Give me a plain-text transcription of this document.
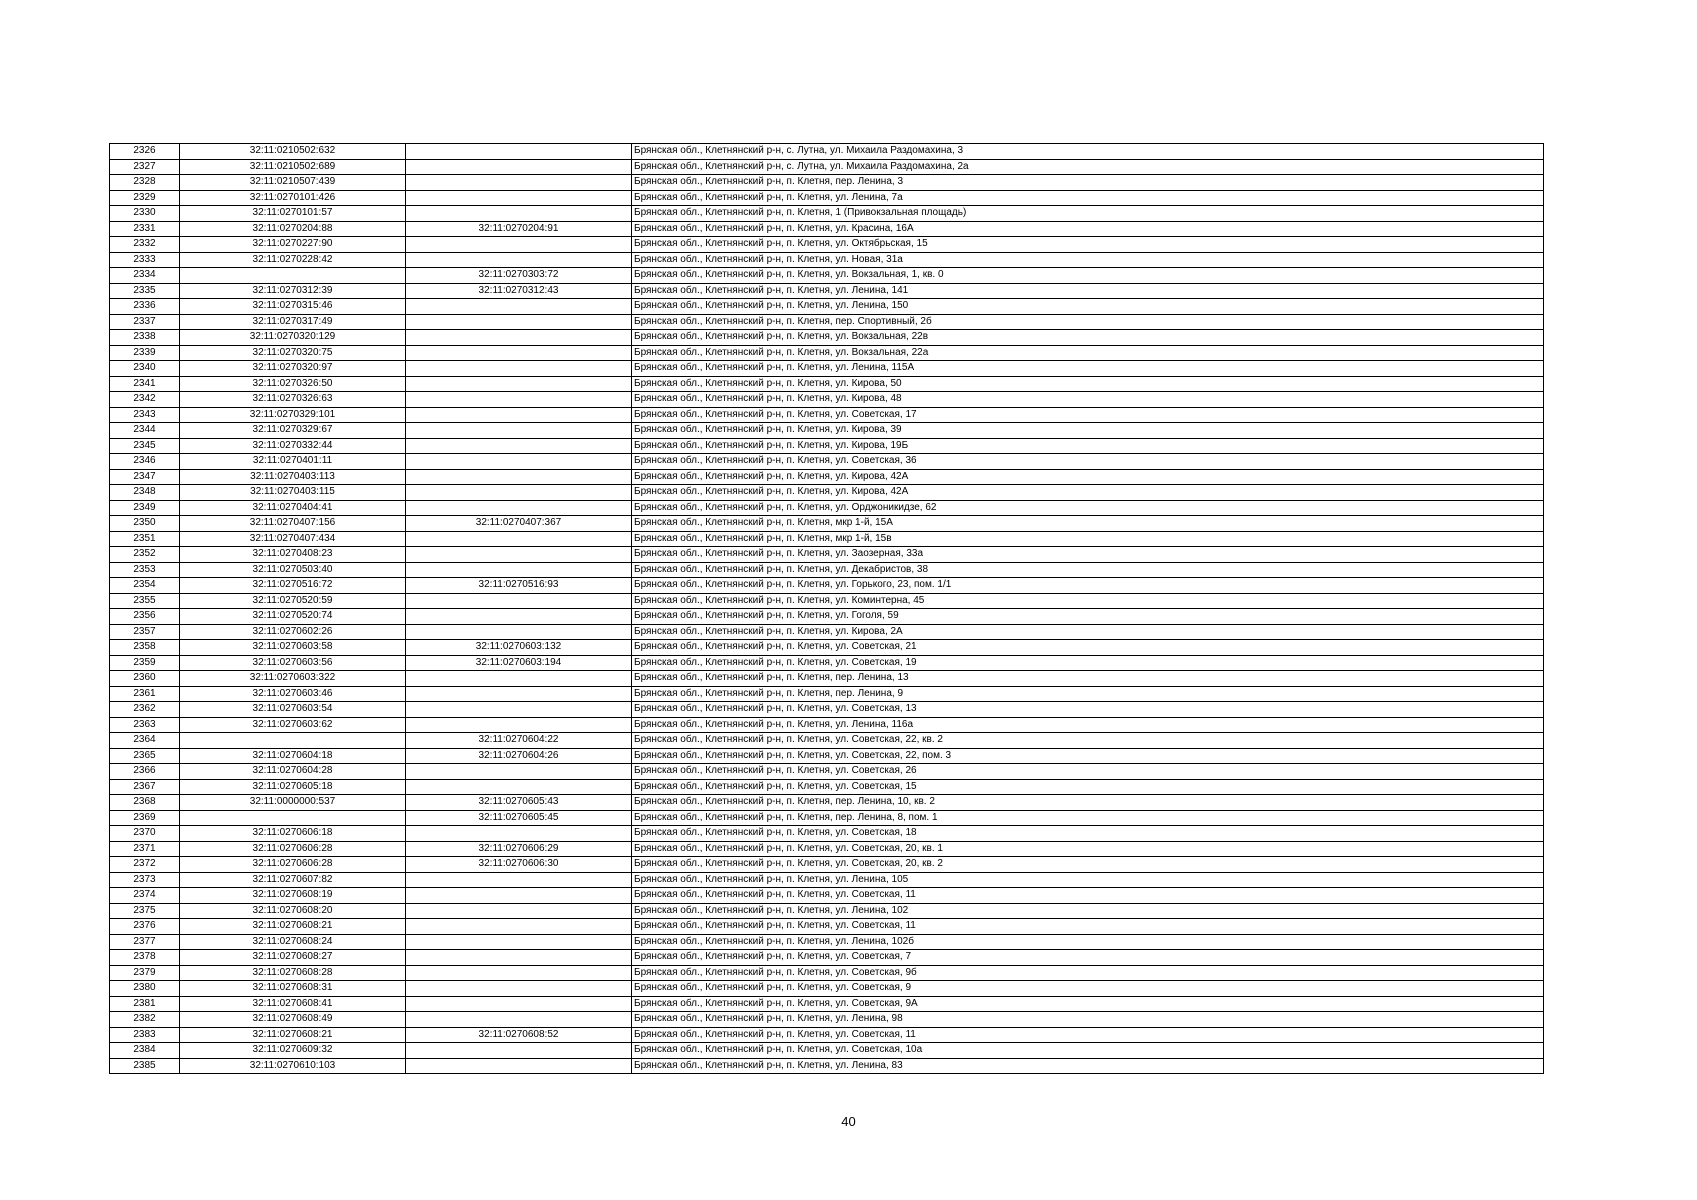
2326	32:11:0210502:632		Брянская обл., Клетнянский р-н, с. Лутна, ул. Михаила Раздомахина, 3
2327	32:11:0210502:689		Брянская обл., Клетнянский р-н, с. Лутна, ул. Михаила Раздомахина, 2а
2328	32:11:0210507:439		Брянская обл., Клетнянский р-н, п. Клетня, пер. Ленина, 3
2329	32:11:0270101:426		Брянская обл., Клетнянский р-н, п. Клетня, ул. Ленина, 7а
2330	32:11:0270101:57		Брянская обл., Клетнянский р-н, п. Клетня, 1 (Привокзальная площадь)
2331	32:11:0270204:88	32:11:0270204:91	Брянская обл., Клетнянский р-н, п. Клетня, ул. Красина, 16А
2332	32:11:0270227:90		Брянская обл., Клетнянский р-н, п. Клетня, ул. Октябрьская, 15
2333	32:11:0270228:42		Брянская обл., Клетнянский р-н, п. Клетня, ул. Новая, 31а
2334		32:11:0270303:72	Брянская обл., Клетнянский р-н, п. Клетня, ул. Вокзальная, 1, кв. 0
2335	32:11:0270312:39	32:11:0270312:43	Брянская обл., Клетнянский р-н, п. Клетня, ул. Ленина, 141
2336	32:11:0270315:46		Брянская обл., Клетнянский р-н, п. Клетня, ул. Ленина, 150
2337	32:11:0270317:49		Брянская обл., Клетнянский р-н, п. Клетня, пер. Спортивный, 2б
2338	32:11:0270320:129		Брянская обл., Клетнянский р-н, п. Клетня, ул. Вокзальная, 22в
2339	32:11:0270320:75		Брянская обл., Клетнянский р-н, п. Клетня, ул. Вокзальная, 22а
2340	32:11:0270320:97		Брянская обл., Клетнянский р-н, п. Клетня, ул. Ленина, 115А
2341	32:11:0270326:50		Брянская обл., Клетнянский р-н, п. Клетня, ул. Кирова, 50
2342	32:11:0270326:63		Брянская обл., Клетнянский р-н, п. Клетня, ул. Кирова, 48
2343	32:11:0270329:101		Брянская обл., Клетнянский р-н, п. Клетня, ул. Советская, 17
2344	32:11:0270329:67		Брянская обл., Клетнянский р-н, п. Клетня, ул. Кирова, 39
2345	32:11:0270332:44		Брянская обл., Клетнянский р-н, п. Клетня, ул. Кирова, 19Б
2346	32:11:0270401:11		Брянская обл., Клетнянский р-н, п. Клетня, ул. Советская, 36
2347	32:11:0270403:113		Брянская обл., Клетнянский р-н, п. Клетня, ул. Кирова, 42А
2348	32:11:0270403:115		Брянская обл., Клетнянский р-н, п. Клетня, ул. Кирова, 42А
2349	32:11:0270404:41		Брянская обл., Клетнянский р-н, п. Клетня, ул. Орджоникидзе, 62
2350	32:11:0270407:156	32:11:0270407:367	Брянская обл., Клетнянский р-н, п. Клетня, мкр 1-й, 15А
2351	32:11:0270407:434		Брянская обл., Клетнянский р-н, п. Клетня, мкр 1-й, 15в
2352	32:11:0270408:23		Брянская обл., Клетнянский р-н, п. Клетня, ул. Заозерная, 33а
2353	32:11:0270503:40		Брянская обл., Клетнянский р-н, п. Клетня, ул. Декабристов, 38
2354	32:11:0270516:72	32:11:0270516:93	Брянская обл., Клетнянский р-н, п. Клетня, ул. Горького, 23, пом. 1/1
2355	32:11:0270520:59		Брянская обл., Клетнянский р-н, п. Клетня, ул. Коминтерна, 45
2356	32:11:0270520:74		Брянская обл., Клетнянский р-н, п. Клетня, ул. Гоголя, 59
2357	32:11:0270602:26		Брянская обл., Клетнянский р-н, п. Клетня, ул. Кирова, 2А
2358	32:11:0270603:58	32:11:0270603:132	Брянская обл., Клетнянский р-н, п. Клетня, ул. Советская, 21
2359	32:11:0270603:56	32:11:0270603:194	Брянская обл., Клетнянский р-н, п. Клетня, ул. Советская, 19
2360	32:11:0270603:322		Брянская обл., Клетнянский р-н, п. Клетня, пер. Ленина, 13
2361	32:11:0270603:46		Брянская обл., Клетнянский р-н, п. Клетня, пер. Ленина, 9
2362	32:11:0270603:54		Брянская обл., Клетнянский р-н, п. Клетня, ул. Советская, 13
2363	32:11:0270603:62		Брянская обл., Клетнянский р-н, п. Клетня, ул. Ленина, 116а
2364		32:11:0270604:22	Брянская обл., Клетнянский р-н, п. Клетня, ул. Советская, 22, кв. 2
2365	32:11:0270604:18	32:11:0270604:26	Брянская обл., Клетнянский р-н, п. Клетня, ул. Советская, 22, пом. 3
2366	32:11:0270604:28		Брянская обл., Клетнянский р-н, п. Клетня, ул. Советская, 26
2367	32:11:0270605:18		Брянская обл., Клетнянский р-н, п. Клетня, ул. Советская, 15
2368	32:11:0000000:537	32:11:0270605:43	Брянская обл., Клетнянский р-н, п. Клетня, пер. Ленина, 10, кв. 2
2369		32:11:0270605:45	Брянская обл., Клетнянский р-н, п. Клетня, пер. Ленина, 8, пом. 1
2370	32:11:0270606:18		Брянская обл., Клетнянский р-н, п. Клетня, ул. Советская, 18
2371	32:11:0270606:28	32:11:0270606:29	Брянская обл., Клетнянский р-н, п. Клетня, ул. Советская, 20, кв. 1
2372	32:11:0270606:28	32:11:0270606:30	Брянская обл., Клетнянский р-н, п. Клетня, ул. Советская, 20, кв. 2
2373	32:11:0270607:82		Брянская обл., Клетнянский р-н, п. Клетня, ул. Ленина, 105
2374	32:11:0270608:19		Брянская обл., Клетнянский р-н, п. Клетня, ул. Советская, 11
2375	32:11:0270608:20		Брянская обл., Клетнянский р-н, п. Клетня, ул. Ленина, 102
2376	32:11:0270608:21		Брянская обл., Клетнянский р-н, п. Клетня, ул. Советская, 11
2377	32:11:0270608:24		Брянская обл., Клетнянский р-н, п. Клетня, ул. Ленина, 102б
2378	32:11:0270608:27		Брянская обл., Клетнянский р-н, п. Клетня, ул. Советская, 7
2379	32:11:0270608:28		Брянская обл., Клетнянский р-н, п. Клетня, ул. Советская, 9б
2380	32:11:0270608:31		Брянская обл., Клетнянский р-н, п. Клетня, ул. Советская, 9
2381	32:11:0270608:41		Брянская обл., Клетнянский р-н, п. Клетня, ул. Советская, 9А
2382	32:11:0270608:49		Брянская обл., Клетнянский р-н, п. Клетня, ул. Ленина, 98
2383	32:11:0270608:21	32:11:0270608:52	Брянская обл., Клетнянский р-н, п. Клетня, ул. Советская, 11
2384	32:11:0270609:32		Брянская обл., Клетнянский р-н, п. Клетня, ул. Советская, 10а
2385	32:11:0270610:103		Брянская обл., Клетнянский р-н, п. Клетня, ул. Ленина, 83
40
